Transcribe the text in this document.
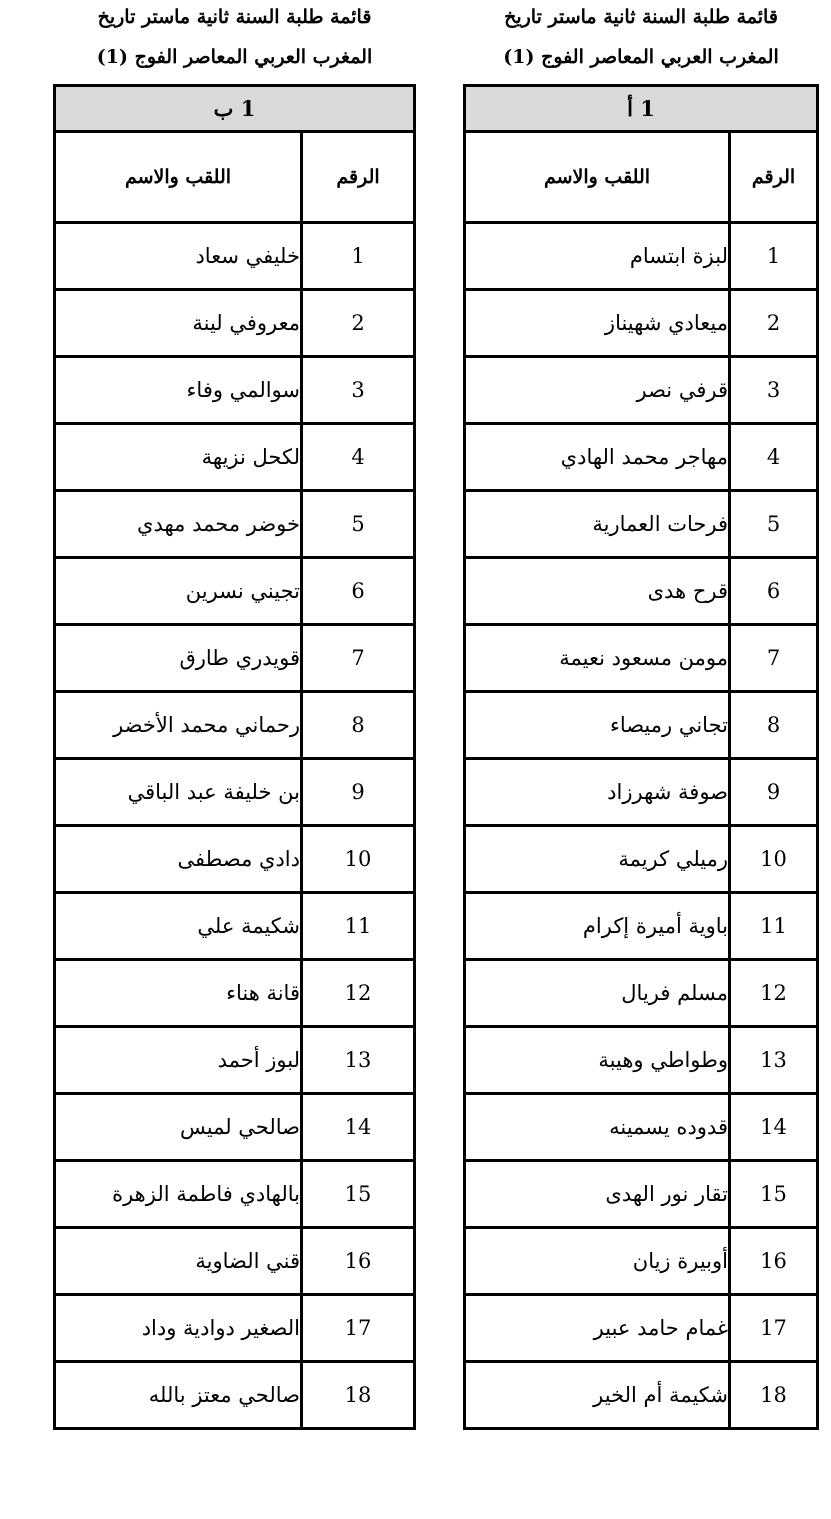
قائمة طلبة السنة ثانية ماستر تاريخ
المغرب العربي المعاصر الفوج (1)
1 ب	
الرقم	اللقب والاسم
1	خليفي سعاد
2	معروفي لينة
3	سوالمي وفاء
4	لكحل نزيهة
5	خوضر محمد مهدي
6	تجيني نسرين
7	قويدري طارق
8	رحماني محمد الأخضر
9	بن خليفة عبد الباقي
10	دادي مصطفى
11	شكيمة علي
12	قانة هناء
13	لبوز أحمد
14	صالحي لميس
15	بالهادي فاطمة الزهرة
16	قني الضاوية
17	الصغير دوادية وداد
18	صالحي معتز بالله
قائمة طلبة السنة ثانية ماستر تاريخ
المغرب العربي المعاصر الفوج (1)
1 أ	
الرقم	اللقب والاسم
1	لبزة ابتسام
2	ميعادي شهيناز
3	قرفي نصر
4	مهاجر محمد الهادي
5	فرحات العمارية
6	قرح هدى
7	مومن مسعود نعيمة
8	تجاني رميصاء
9	صوفة شهرزاد
10	رميلي كريمة
11	باوية أميرة إكرام
12	مسلم فريال
13	وطواطي وهيبة
14	قدوده يسمينه
15	تقار نور الهدى
16	أوبيرة زيان
17	غمام حامد عبير
18	شكيمة أم الخير
